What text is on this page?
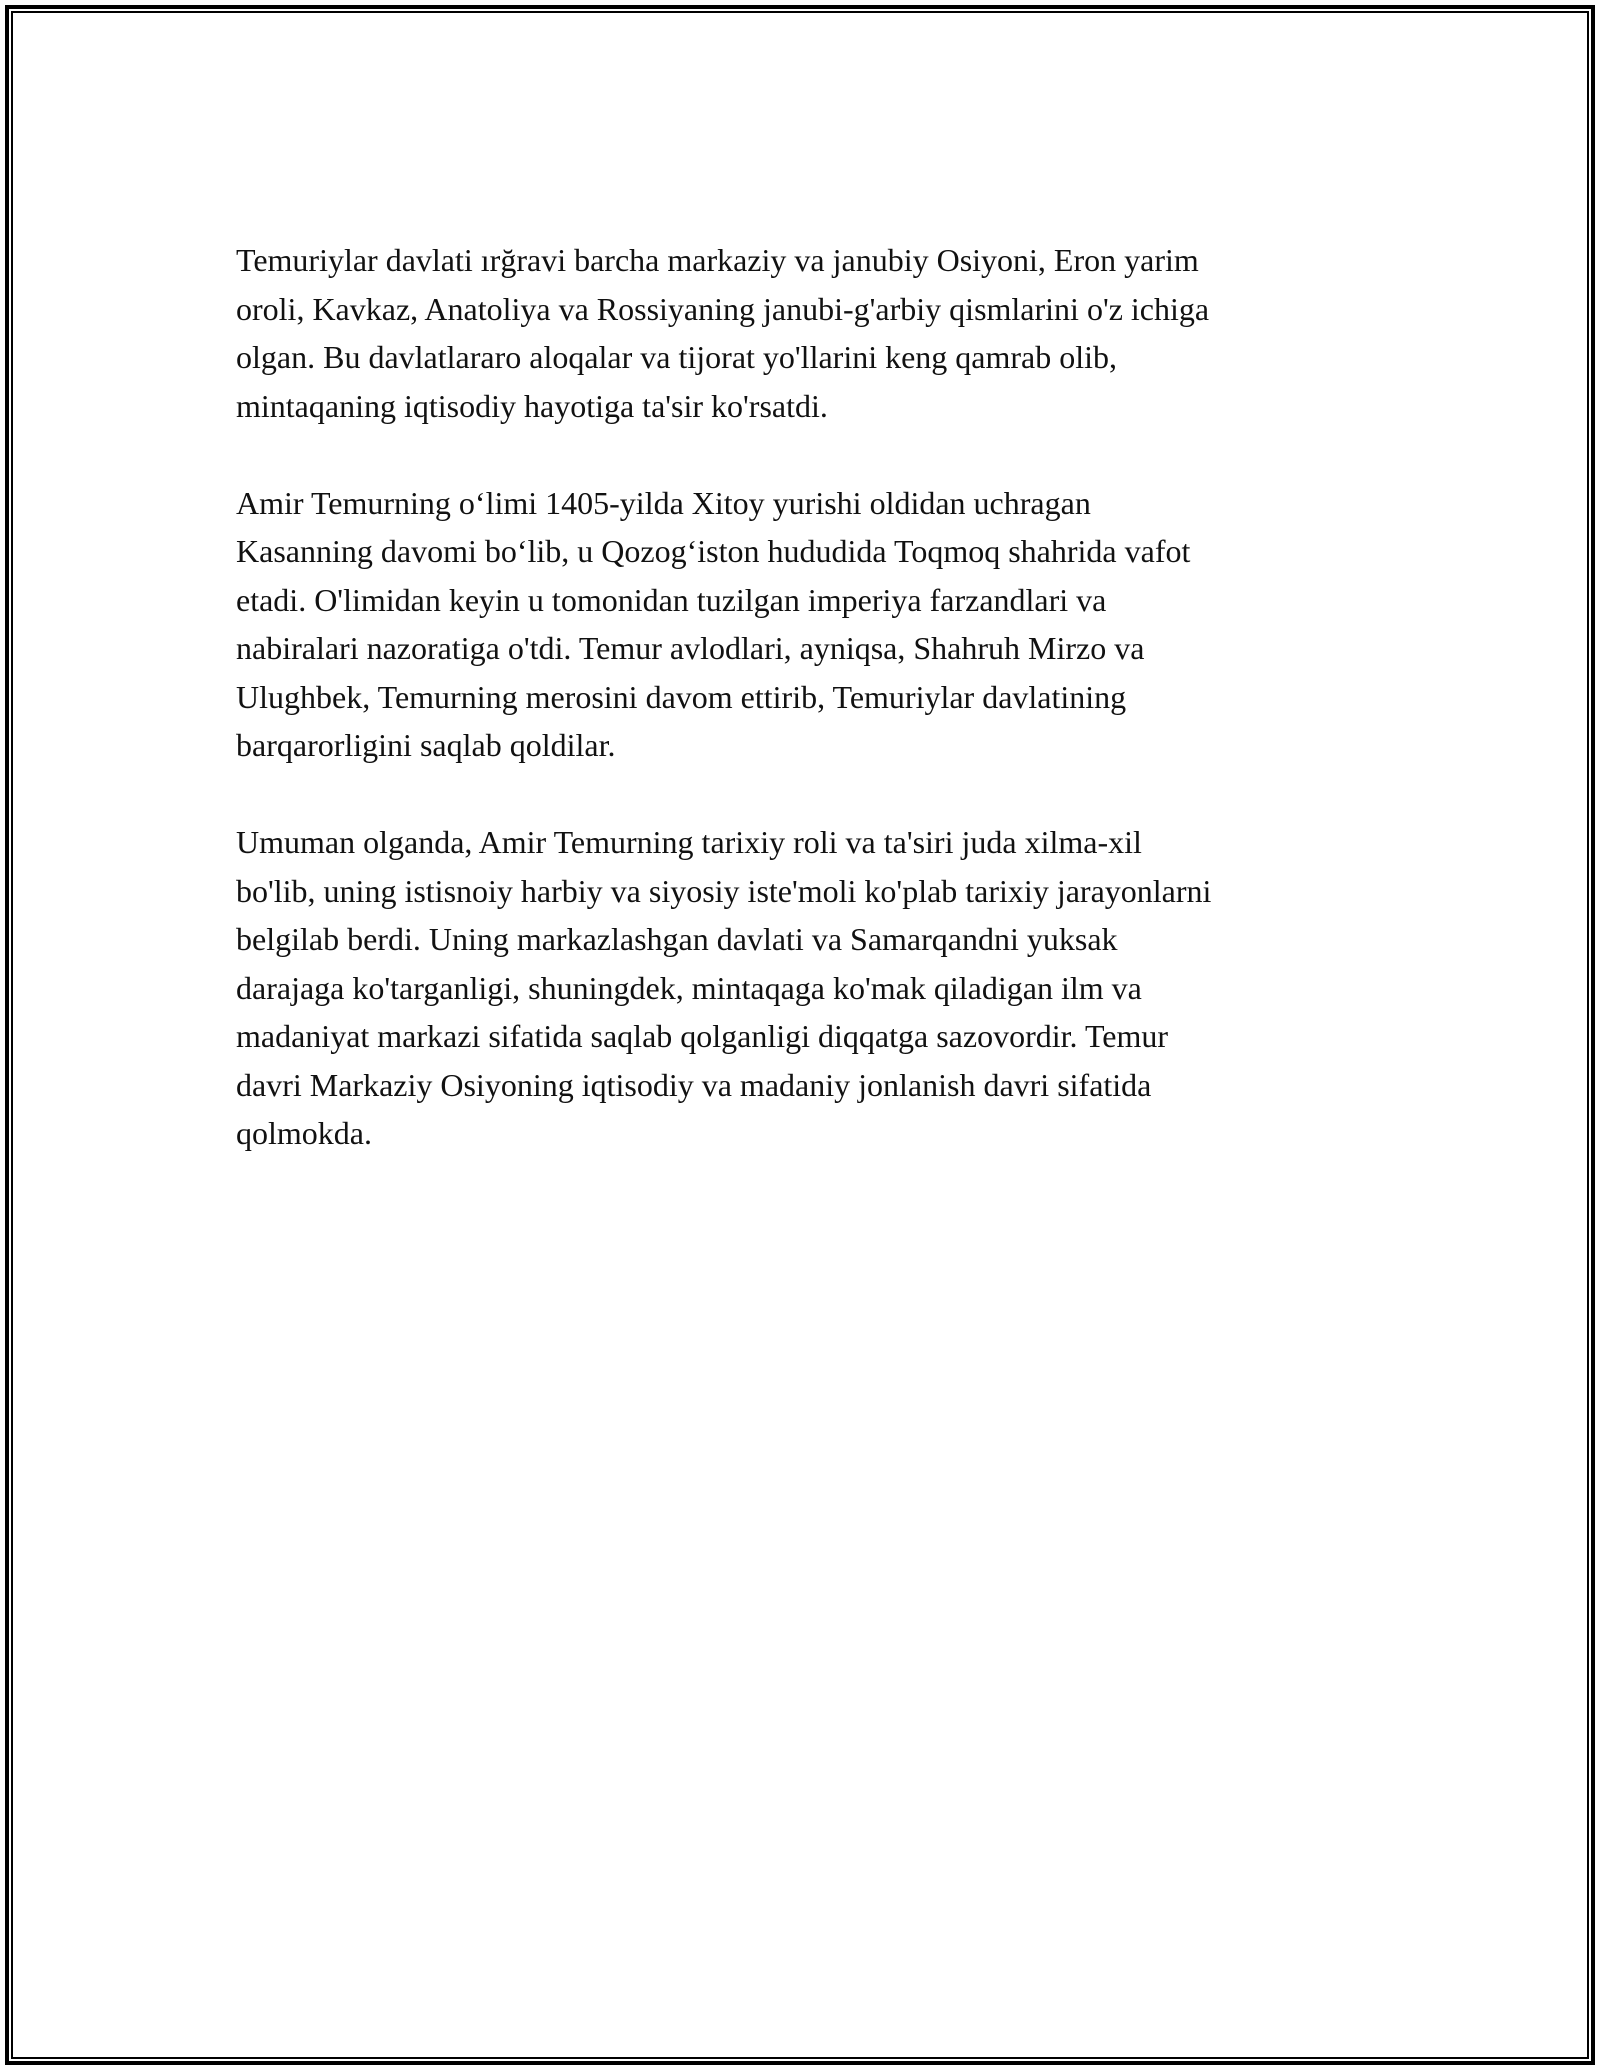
Temuriylar davlati ırğravi barcha markaziy va janubiy Osiyoni, Eron yarim
oroli, Kavkaz, Anatoliya va Rossiyaning janubi-g'arbiy qismlarini o'z ichiga
olgan. Bu davlatlararo aloqalar va tijorat yo'llarini keng qamrab olib,
mintaqaning iqtisodiy hayotiga ta'sir ko'rsatdi.

Amir Temurning oʻlimi 1405-yilda Xitoy yurishi oldidan uchragan
Kasanning davomi boʻlib, u Qozogʻiston hududida Toqmoq shahrida vafot
etadi. O'limidan keyin u tomonidan tuzilgan imperiya farzandlari va
nabiralari nazoratiga o'tdi. Temur avlodlari, ayniqsa, Shahruh Mirzo va
Ulughbek, Temurning merosini davom ettirib, Temuriylar davlatining
barqarorligini saqlab qoldilar.

Umuman olganda, Amir Temurning tarixiy roli va ta'siri juda xilma-xil
bo'lib, uning istisnoiy harbiy va siyosiy iste'moli ko'plab tarixiy jarayonlarni
belgilab berdi. Uning markazlashgan davlati va Samarqandni yuksak
darajaga ko'targanligi, shuningdek, mintaqaga ko'mak qiladigan ilm va
madaniyat markazi sifatida saqlab qolganligi diqqatga sazovordir. Temur
davri Markaziy Osiyoning iqtisodiy va madaniy jonlanish davri sifatida
qolmokda.
